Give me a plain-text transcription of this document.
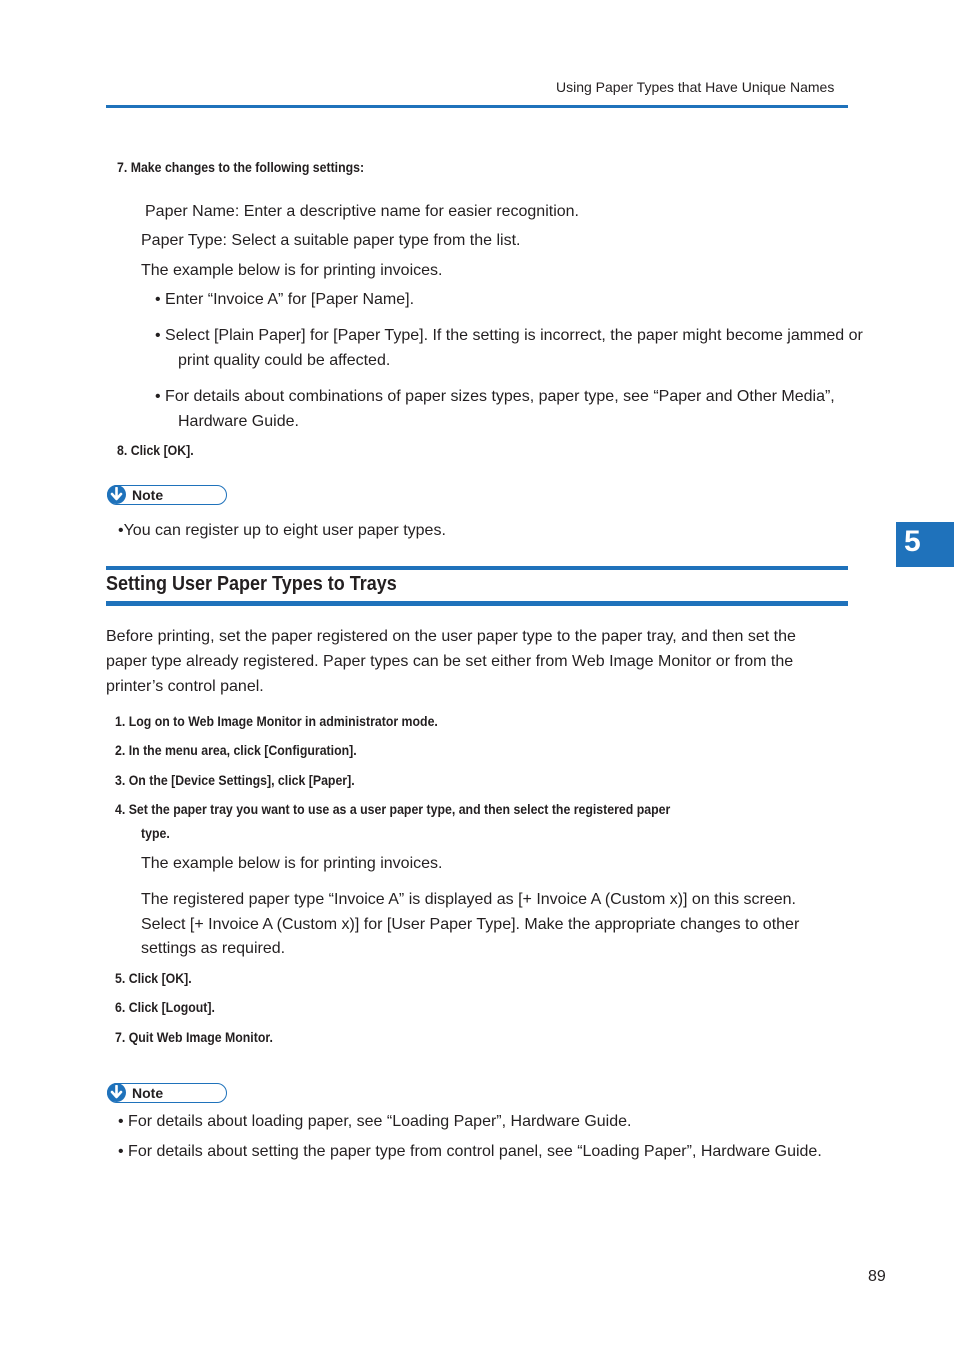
Using Paper Types that Have Unique Names
7. Make changes to the following settings:
Paper Name: Enter a descriptive name for easier recognition.
Paper Type: Select a suitable paper type from the list.
The example below is for printing invoices.
• Enter “Invoice A” for [Paper Name].
• Select [Plain Paper] for [Paper Type]. If the setting is incorrect, the paper might become jammed or
print quality could be affected.
• For details about combinations of paper sizes types, paper type, see “Paper and Other Media”,
Hardware Guide.
8. Click [OK].
Note
•You can register up to eight user paper types.	5
Setting User Paper Types to Trays
Before printing, set the paper registered on the user paper type to the paper tray, and then set the
paper type already registered. Paper types can be set either from Web Image Monitor or from the
printer’s control panel.
1. Log on to Web Image Monitor in administrator mode.
2. In the menu area, click [Configuration].
3. On the [Device Settings], click [Paper].
4. Set the paper tray you want to use as a user paper type, and then select the registered paper
type.
The example below is for printing invoices.
The registered paper type “Invoice A” is displayed as [+ Invoice A (Custom x)] on this screen.
Select [+ Invoice A (Custom x)] for [User Paper Type]. Make the appropriate changes to other
settings as required.
5. Click [OK].
6. Click [Logout].
7. Quit Web Image Monitor.
Note
• For details about loading paper, see “Loading Paper”, Hardware Guide.
• For details about setting the paper type from control panel, see “Loading Paper”, Hardware Guide.
89
